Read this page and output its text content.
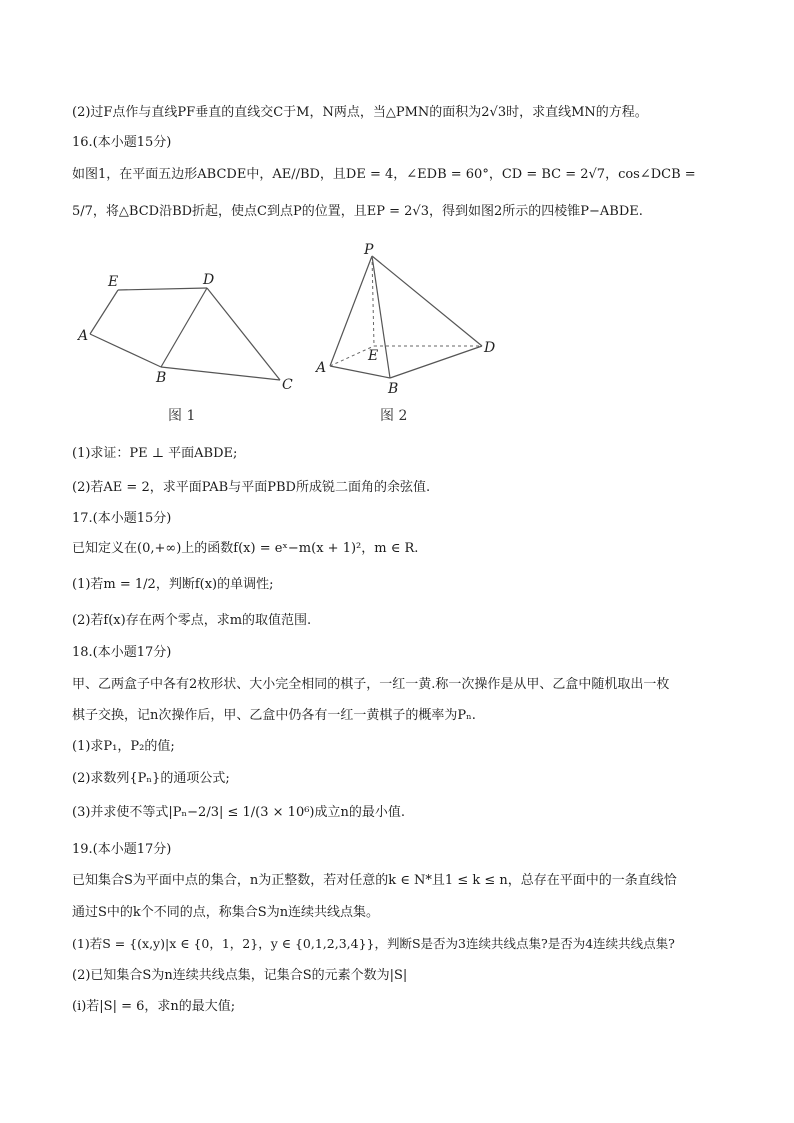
(2)过F点作与直线PF垂直的直线交C于M，N两点，当△PMN的面积为2√3时，求直线MN的方程。
16.(本小题15分)
如图1，在平面五边形ABCDE中，AE//BD，且DE = 4，∠EDB = 60°，CD = BC = 2√7，cos∠DCB =
5/7，将△BCD沿BD折起，使点C到点P的位置，且EP = 2√3，得到如图2所示的四棱锥P−ABDE.
E	D
A
B	C
图 1
P
E
A
B
D
图 2
(1)求证：PE ⊥ 平面ABDE;
(2)若AE = 2，求平面PAB与平面PBD所成锐二面角的余弦值.
17.(本小题15分)
已知定义在(0,+∞)上的函数f(x) = eˣ−m(x + 1)²，m ∈ R.
(1)若m = 1/2，判断f(x)的单调性;
(2)若f(x)存在两个零点，求m的取值范围.
18.(本小题17分)
甲、乙两盒子中各有2枚形状、大小完全相同的棋子，一红一黄.称一次操作是从甲、乙盒中随机取出一枚
棋子交换，记n次操作后，甲、乙盒中仍各有一红一黄棋子的概率为Pₙ.
(1)求P₁，P₂的值;
(2)求数列{Pₙ}的通项公式;
(3)并求使不等式|Pₙ−2/3| ≤ 1/(3 × 10⁶)成立n的最小值.
19.(本小题17分)
已知集合S为平面中点的集合，n为正整数，若对任意的k ∈ N*且1 ≤ k ≤ n，总存在平面中的一条直线恰
通过S中的k个不同的点，称集合S为n连续共线点集。
(1)若S = {(x,y)|x ∈ {0，1，2}，y ∈ {0,1,2,3,4}}，判断S是否为3连续共线点集?是否为4连续共线点集?
(2)已知集合S为n连续共线点集，记集合S的元素个数为|S|
(ⅰ)若|S| = 6，求n的最大值;
